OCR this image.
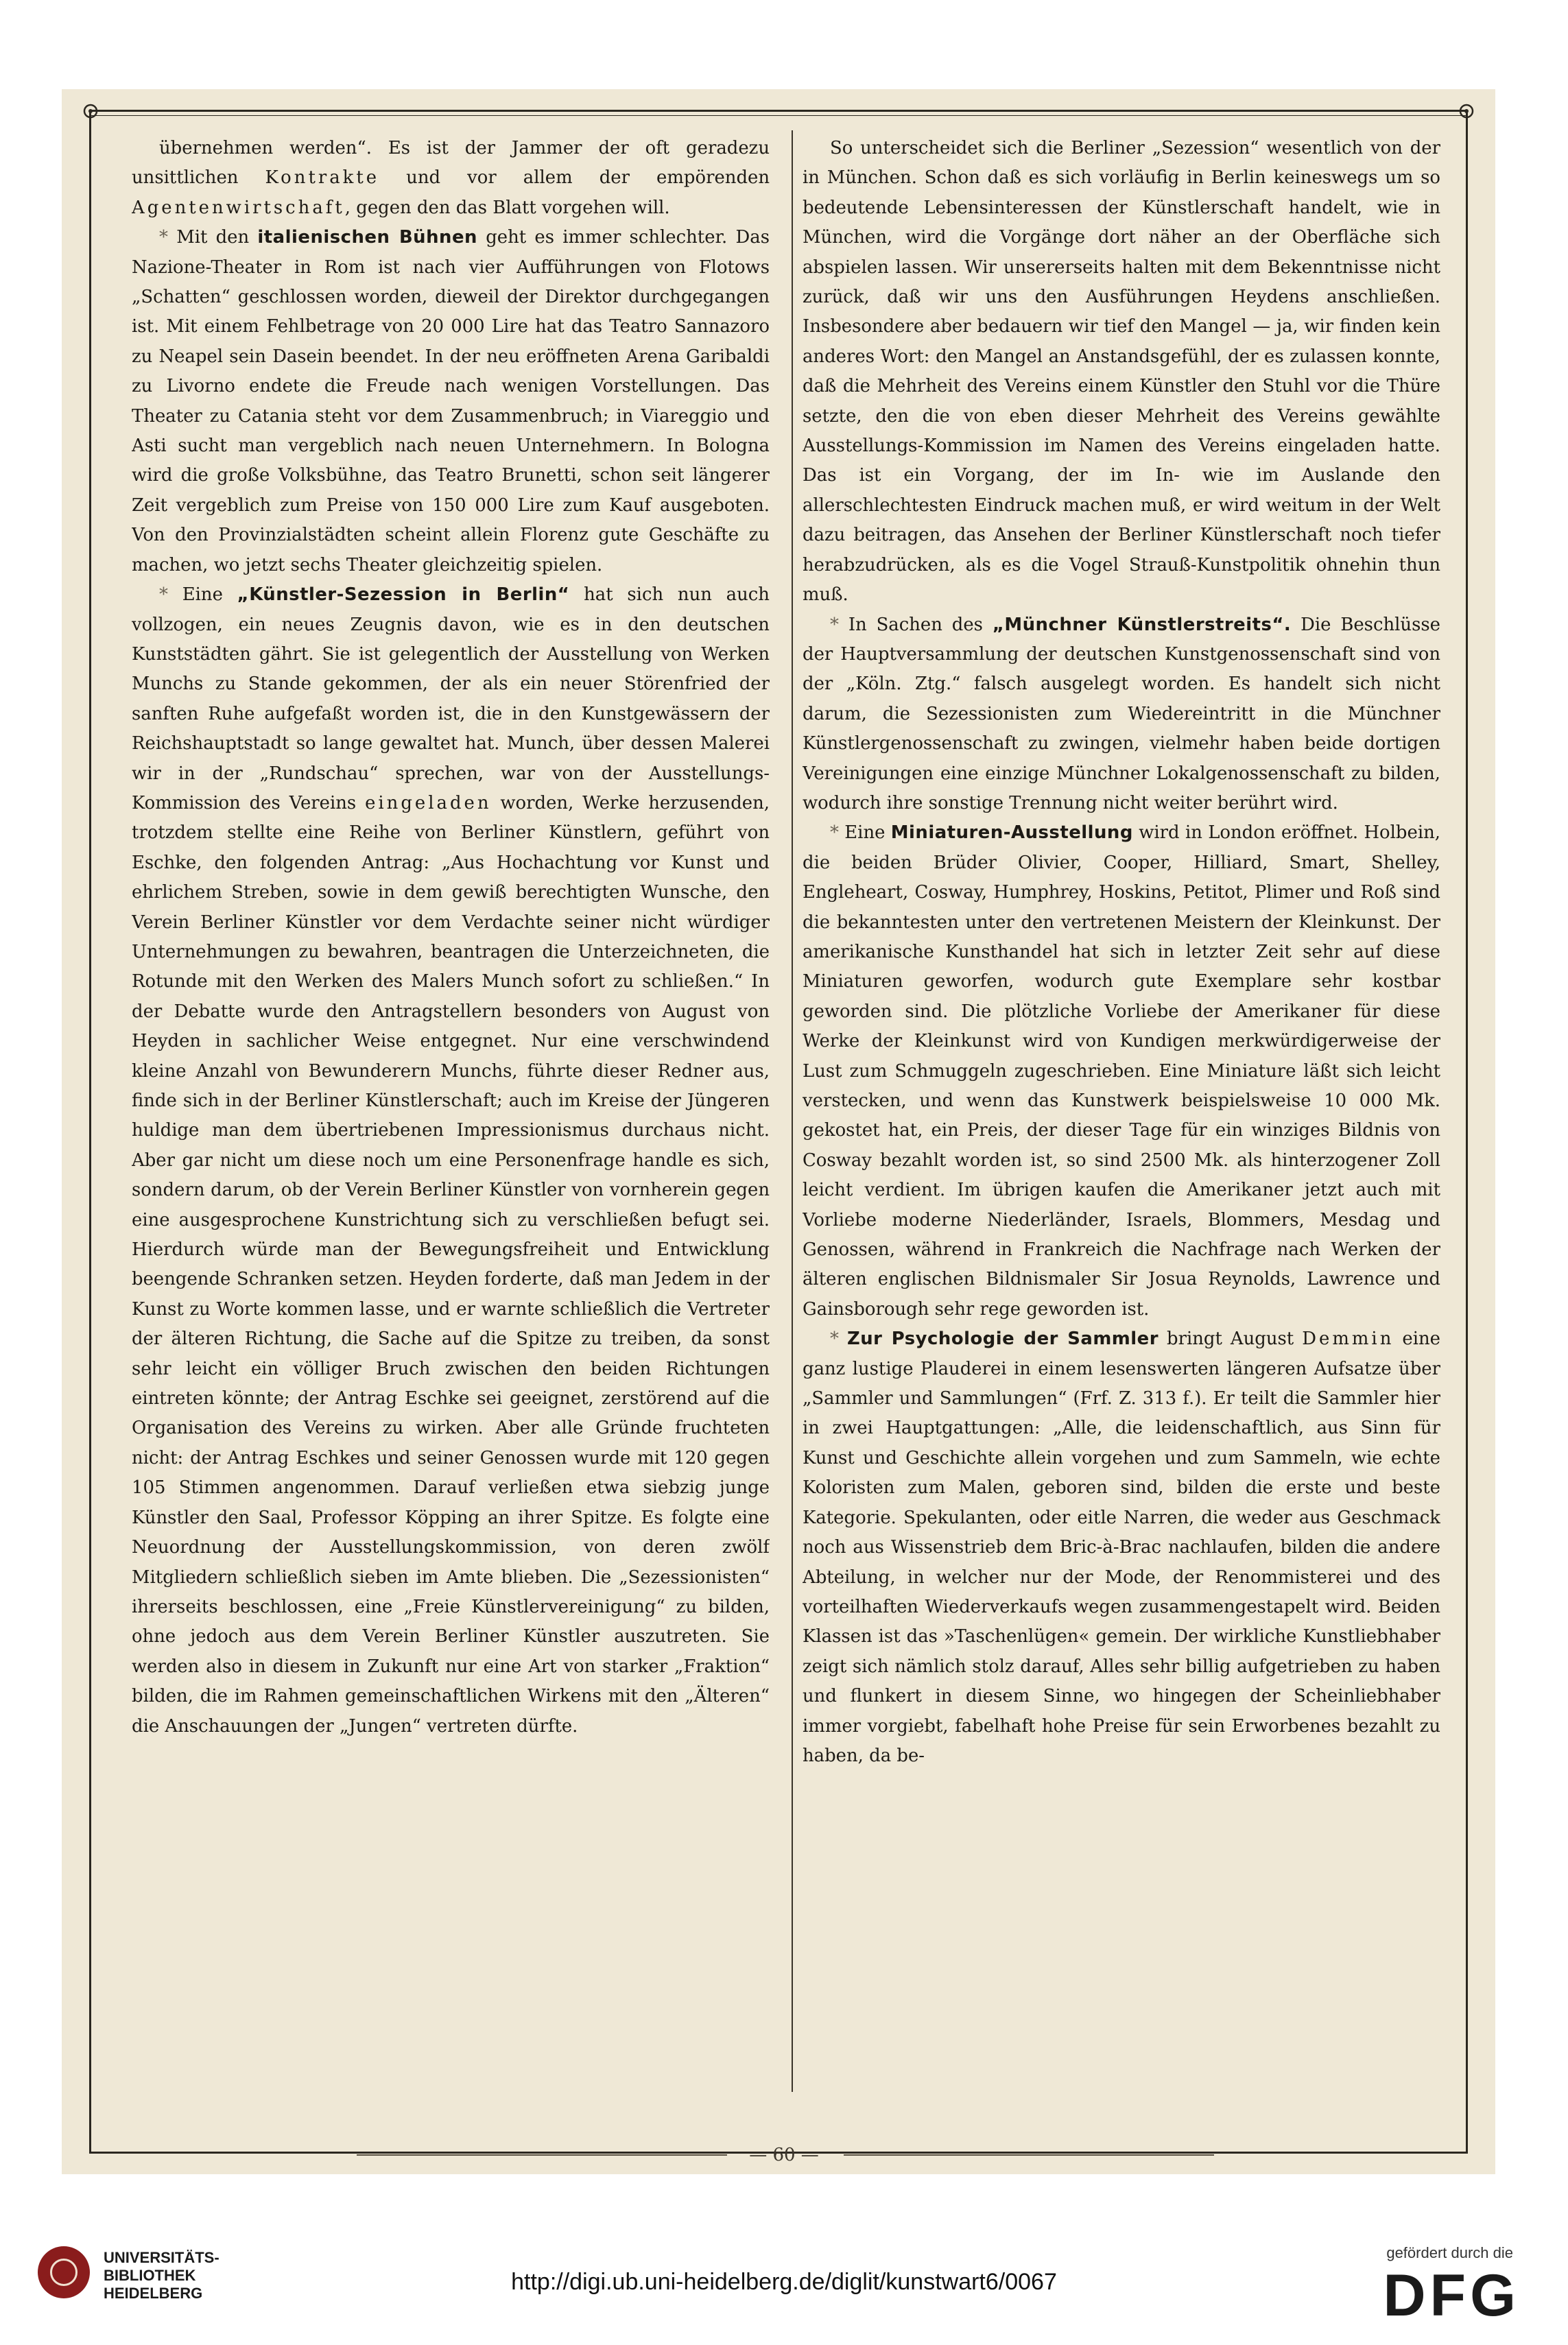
übernehmen werden“. Es ist der Jammer der oft geradezu unsittlichen Kontrakte und vor allem der empörenden Agentenwirtschaft, gegen den das Blatt vorgehen will.

* Mit den italienischen Bühnen geht es immer schlechter. Das Nazione-Theater in Rom ist nach vier Aufführungen von Flotows „Schatten“ geschlossen worden, dieweil der Direktor durchgegangen ist. Mit einem Fehlbetrage von 20 000 Lire hat das Teatro Sannazoro zu Neapel sein Dasein beendet. In der neu eröffneten Arena Garibaldi zu Livorno endete die Freude nach wenigen Vorstellungen. Das Theater zu Catania steht vor dem Zusammenbruch; in Viareggio und Asti sucht man vergeblich nach neuen Unternehmern. In Bologna wird die große Volksbühne, das Teatro Brunetti, schon seit längerer Zeit vergeblich zum Preise von 150 000 Lire zum Kauf ausgeboten. Von den Provinzialstädten scheint allein Florenz gute Geschäfte zu machen, wo jetzt sechs Theater gleichzeitig spielen.

* Eine „Künstler-Sezession in Berlin“ hat sich nun auch vollzogen, ein neues Zeugnis davon, wie es in den deutschen Kunststädten gährt. Sie ist gelegentlich der Ausstellung von Werken Munchs zu Stande gekommen, der als ein neuer Störenfried der sanften Ruhe aufgefaßt worden ist, die in den Kunstgewässern der Reichshauptstadt so lange gewaltet hat. Munch, über dessen Malerei wir in der „Rundschau“ sprechen, war von der Ausstellungs-Kommission des Vereins eingeladen worden, Werke herzusenden, trotzdem stellte eine Reihe von Berliner Künstlern, geführt von Eschke, den folgenden Antrag: „Aus Hochachtung vor Kunst und ehrlichem Streben, sowie in dem gewiß berechtigten Wunsche, den Verein Berliner Künstler vor dem Verdachte seiner nicht würdiger Unternehmungen zu bewahren, beantragen die Unterzeichneten, die Rotunde mit den Werken des Malers Munch sofort zu schließen.“ In der Debatte wurde den Antragstellern besonders von August von Heyden in sachlicher Weise entgegnet. Nur eine verschwindend kleine Anzahl von Bewunderern Munchs, führte dieser Redner aus, finde sich in der Berliner Künstlerschaft; auch im Kreise der Jüngeren huldige man dem übertriebenen Impressionismus durchaus nicht. Aber gar nicht um diese noch um eine Personenfrage handle es sich, sondern darum, ob der Verein Berliner Künstler von vornherein gegen eine ausgesprochene Kunstrichtung sich zu verschließen befugt sei. Hierdurch würde man der Bewegungsfreiheit und Entwicklung beengende Schranken setzen. Heyden forderte, daß man Jedem in der Kunst zu Worte kommen lasse, und er warnte schließlich die Vertreter der älteren Richtung, die Sache auf die Spitze zu treiben, da sonst sehr leicht ein völliger Bruch zwischen den beiden Richtungen eintreten könnte; der Antrag Eschke sei geeignet, zerstörend auf die Organisation des Vereins zu wirken. Aber alle Gründe fruchteten nicht: der Antrag Eschkes und seiner Genossen wurde mit 120 gegen 105 Stimmen angenommen. Darauf verließen etwa siebzig junge Künstler den Saal, Professor Köpping an ihrer Spitze. Es folgte eine Neuordnung der Ausstellungskommission, von deren zwölf Mitgliedern schließlich sieben im Amte blieben. Die „Sezessionisten“ ihrerseits beschlossen, eine „Freie Künstlervereinigung“ zu bilden, ohne jedoch aus dem Verein Berliner Künstler auszutreten. Sie werden also in diesem in Zukunft nur eine Art von starker „Fraktion“ bilden, die im Rahmen gemeinschaftlichen Wirkens mit den „Älteren“ die Anschauungen der „Jungen“ vertreten dürfte.

So unterscheidet sich die Berliner „Sezession“ wesentlich von der in München. Schon daß es sich vorläufig in Berlin keineswegs um so bedeutende Lebensinteressen der Künstlerschaft handelt, wie in München, wird die Vorgänge dort näher an der Oberfläche sich abspielen lassen. Wir unsererseits halten mit dem Bekenntnisse nicht zurück, daß wir uns den Ausführungen Heydens anschließen. Insbesondere aber bedauern wir tief den Mangel — ja, wir finden kein anderes Wort: den Mangel an Anstandsgefühl, der es zulassen konnte, daß die Mehrheit des Vereins einem Künstler den Stuhl vor die Thüre setzte, den die von eben dieser Mehrheit des Vereins gewählte Ausstellungs-Kommission im Namen des Vereins eingeladen hatte. Das ist ein Vorgang, der im In- wie im Auslande den allerschlechtesten Eindruck machen muß, er wird weitum in der Welt dazu beitragen, das Ansehen der Berliner Künstlerschaft noch tiefer herabzudrücken, als es die Vogel Strauß-Kunstpolitik ohnehin thun muß.

* In Sachen des „Münchner Künstlerstreits“. Die Beschlüsse der Hauptversammlung der deutschen Kunstgenossenschaft sind von der „Köln. Ztg.“ falsch ausgelegt worden. Es handelt sich nicht darum, die Sezessionisten zum Wiedereintritt in die Münchner Künstlergenossenschaft zu zwingen, vielmehr haben beide dortigen Vereinigungen eine einzige Münchner Lokalgenossenschaft zu bilden, wodurch ihre sonstige Trennung nicht weiter berührt wird.

* Eine Miniaturen-Ausstellung wird in London eröffnet. Holbein, die beiden Brüder Olivier, Cooper, Hilliard, Smart, Shelley, Engleheart, Cosway, Humphrey, Hoskins, Petitot, Plimer und Roß sind die bekanntesten unter den vertretenen Meistern der Kleinkunst. Der amerikanische Kunsthandel hat sich in letzter Zeit sehr auf diese Miniaturen geworfen, wodurch gute Exemplare sehr kostbar geworden sind. Die plötzliche Vorliebe der Amerikaner für diese Werke der Kleinkunst wird von Kundigen merkwürdigerweise der Lust zum Schmuggeln zugeschrieben. Eine Miniature läßt sich leicht verstecken, und wenn das Kunstwerk beispielsweise 10 000 Mk. gekostet hat, ein Preis, der dieser Tage für ein winziges Bildnis von Cosway bezahlt worden ist, so sind 2500 Mk. als hinterzogener Zoll leicht verdient. Im übrigen kaufen die Amerikaner jetzt auch mit Vorliebe moderne Niederländer, Israels, Blommers, Mesdag und Genossen, während in Frankreich die Nachfrage nach Werken der älteren englischen Bildnismaler Sir Josua Reynolds, Lawrence und Gainsborough sehr rege geworden ist.

* Zur Psychologie der Sammler bringt August Demmin eine ganz lustige Plauderei in einem lesenswerten längeren Aufsatze über „Sammler und Sammlungen“ (Frf. Z. 313 f.). Er teilt die Sammler hier in zwei Hauptgattungen: „Alle, die leidenschaftlich, aus Sinn für Kunst und Geschichte allein vorgehen und zum Sammeln, wie echte Koloristen zum Malen, geboren sind, bilden die erste und beste Kategorie. Spekulanten, oder eitle Narren, die weder aus Geschmack noch aus Wissenstrieb dem Bric-à-Brac nachlaufen, bilden die andere Abteilung, in welcher nur der Mode, der Renommisterei und des vorteilhaften Wiederverkaufs wegen zusammengestapelt wird. Beiden Klassen ist das »Taschenlügen« gemein. Der wirkliche Kunstliebhaber zeigt sich nämlich stolz darauf, Alles sehr billig aufgetrieben zu haben und flunkert in diesem Sinne, wo hingegen der Scheinliebhaber immer vorgiebt, fabelhaft hohe Preise für sein Erworbenes bezahlt zu haben, da be-

— 60 —
UNIVERSITÄTS-
BIBLIOTHEK
HEIDELBERG	http://digi.ub.uni-heidelberg.de/diglit/kunstwart6/0067
gefördert durch die
DFG
